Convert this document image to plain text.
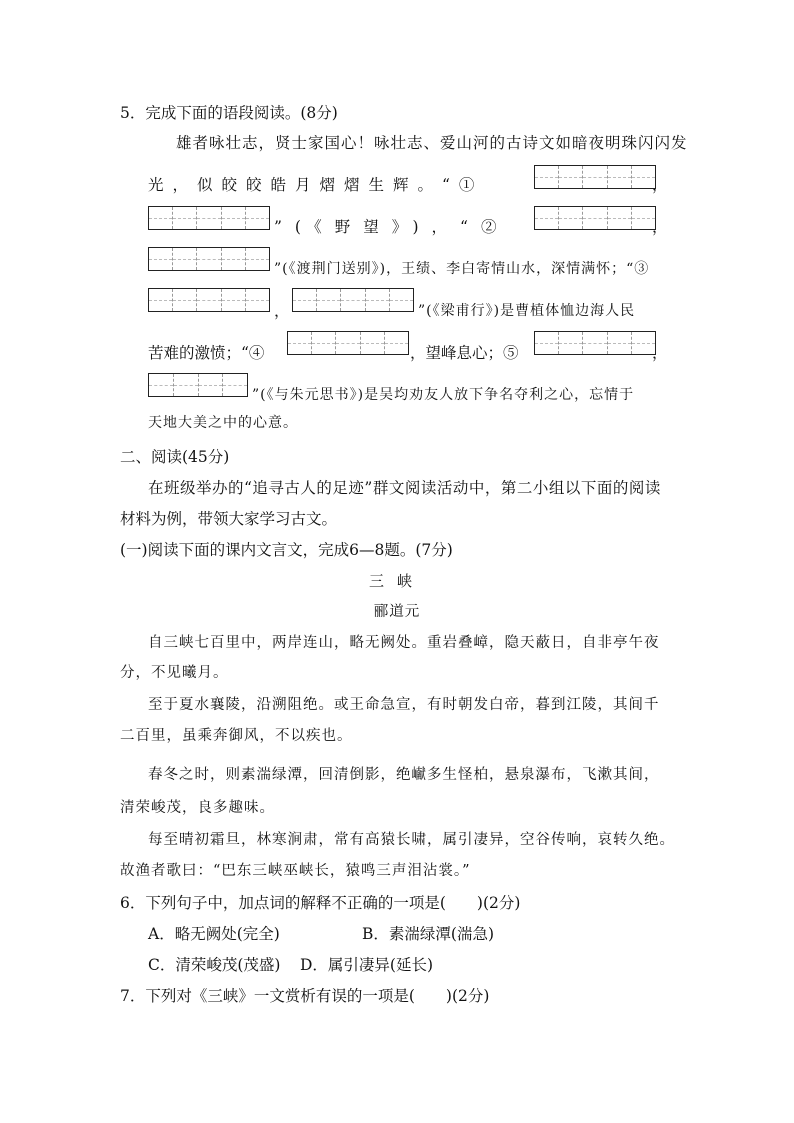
5．完成下面的语段阅读。(8分)
雄者咏壮志，贤士家国心！咏壮志、爱山河的古诗文如暗夜明珠闪闪发
光，似皎皎皓月熠熠生辉。“①	，
”(《野望》)，“②	，
”(《渡荆门送别》)，王绩、李白寄情山水，深情满怀；“③
，	”(《梁甫行》)是曹植体恤边海人民
苦难的激愤；“④	，望峰息心；⑤	，
”(《与朱元思书》)是吴均劝友人放下争名夺利之心，忘情于
天地大美之中的心意。
二、阅读(45分)
在班级举办的“追寻古人的足迹”群文阅读活动中，第二小组以下面的阅读
材料为例，带领大家学习古文。
(一)阅读下面的课内文言文，完成6—8题。(7分)
三峡
郦道元
自三峡七百里中，两岸连山，略无阙处。重岩叠嶂，隐天蔽日，自非亭午夜
分，不见曦月。
至于夏水襄陵，沿溯阻绝。或王命急宣，有时朝发白帝，暮到江陵，其间千
二百里，虽乘奔御风，不以疾也。
春冬之时，则素湍绿潭，回清倒影，绝𪩘多生怪柏，悬泉瀑布，飞漱其间，
清荣峻茂，良多趣味。
每至晴初霜旦，林寒涧肃，常有高猿长啸，属引凄异，空谷传响，哀转久绝。
故渔者歌曰：“巴东三峡巫峡长，猿鸣三声泪沾裳。”
6．下列句子中，加点词的解释不正确的一项是(　　)(2分)
A．略无阙处(完全)	B．素湍绿潭(湍急)
C．清荣峻茂(茂盛) D．属引凄异(延长)
7．下列对《三峡》一文赏析有误的一项是(　　)(2分)
